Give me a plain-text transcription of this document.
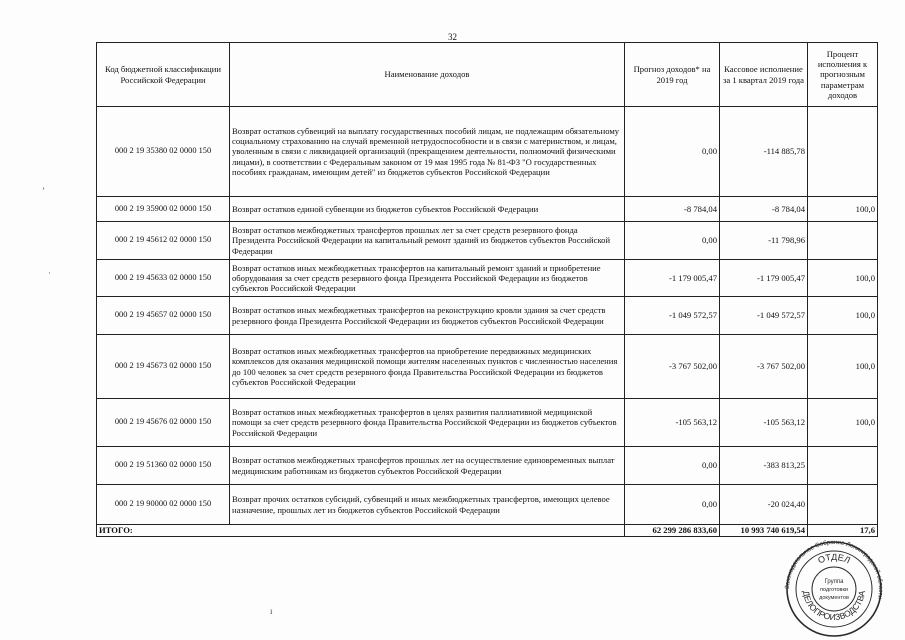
32
Код бюджетной классификации Российской Федерации	Наименование доходов	Прогноз доходов* на 2019 год	Кассовое исполнение за 1 квартал 2019 года	Процент исполнения к прогнозным параметрам доходов
000 2 19 35380 02 0000 150	Возврат остатков субвенций на выплату государственных пособий лицам, не подлежащим обязательному социальному страхованию на случай временной нетрудоспособности и в связи с материнством, и лицам, уволенным в связи с ликвидацией организаций (прекращением деятельности, полномочий физическими лицами), в соответствии с Федеральным законом от 19 мая 1995 года № 81-ФЗ "О государственных пособиях гражданам, имеющим детей" из бюджетов субъектов Российской Федерации	0,00	-114 885,78	
000 2 19 35900 02 0000 150	Возврат остатков единой субвенции из бюджетов субъектов Российской Федерации	-8 784,04	-8 784,04	100,0
000 2 19 45612 02 0000 150	Возврат остатков межбюджетных трансфертов прошлых лет за счет средств резервного фонда Президента Российской Федерации на капитальный ремонт зданий из бюджетов субъектов Российской Федерации	0,00	-11 798,96	
000 2 19 45633 02 0000 150	Возврат остатков иных межбюджетных трансфертов на капитальный ремонт зданий и приобретение оборудования за счет средств резервного фонда Президента Российской Федерации из бюджетов субъектов Российской Федерации	-1 179 005,47	-1 179 005,47	100,0
000 2 19 45657 02 0000 150	Возврат остатков иных межбюджетных трансфертов на реконструкцию кровли здания за счет средств резервного фонда Президента Российской Федерации из бюджетов субъектов Российской Федерации	-1 049 572,57	-1 049 572,57	100,0
000 2 19 45673 02 0000 150	Возврат остатков иных межбюджетных трансфертов на приобретение передвижных медицинских комплексов для оказания медицинской помощи жителям населенных пунктов с численностью населения до 100 человек за счет средств резервного фонда Правительства Российской Федерации из бюджетов субъектов Российской Федерации	-3 767 502,00	-3 767 502,00	100,0
000 2 19 45676 02 0000 150	Возврат остатков иных межбюджетных трансфертов в целях развития паллиативной медицинской помощи за счет средств резервного фонда Правительства Российской Федерации из бюджетов субъектов Российской Федерации	-105 563,12	-105 563,12	100,0
000 2 19 51360 02 0000 150	Возврат остатков межбюджетных трансфертов прошлых лет на осуществление единовременных выплат медицинским работникам из бюджетов субъектов Российской Федерации	0,00	-383 813,25	
000 2 19 90000 02 0000 150	Возврат прочих остатков субсидий, субвенций и иных межбюджетных трансфертов, имеющих целевое назначение, прошлых лет из бюджетов субъектов Российской Федерации	0,00	-20 024,40	
ИТОГО:		62 299 286 833,60	10 993 740 619,54	17,6
Законодательное Собрание Ленинградской области
ОТДЕЛ
ДЕЛОПРОИЗВОДСТВА
Группа
подготовки
документов
ı
ʼ
·
